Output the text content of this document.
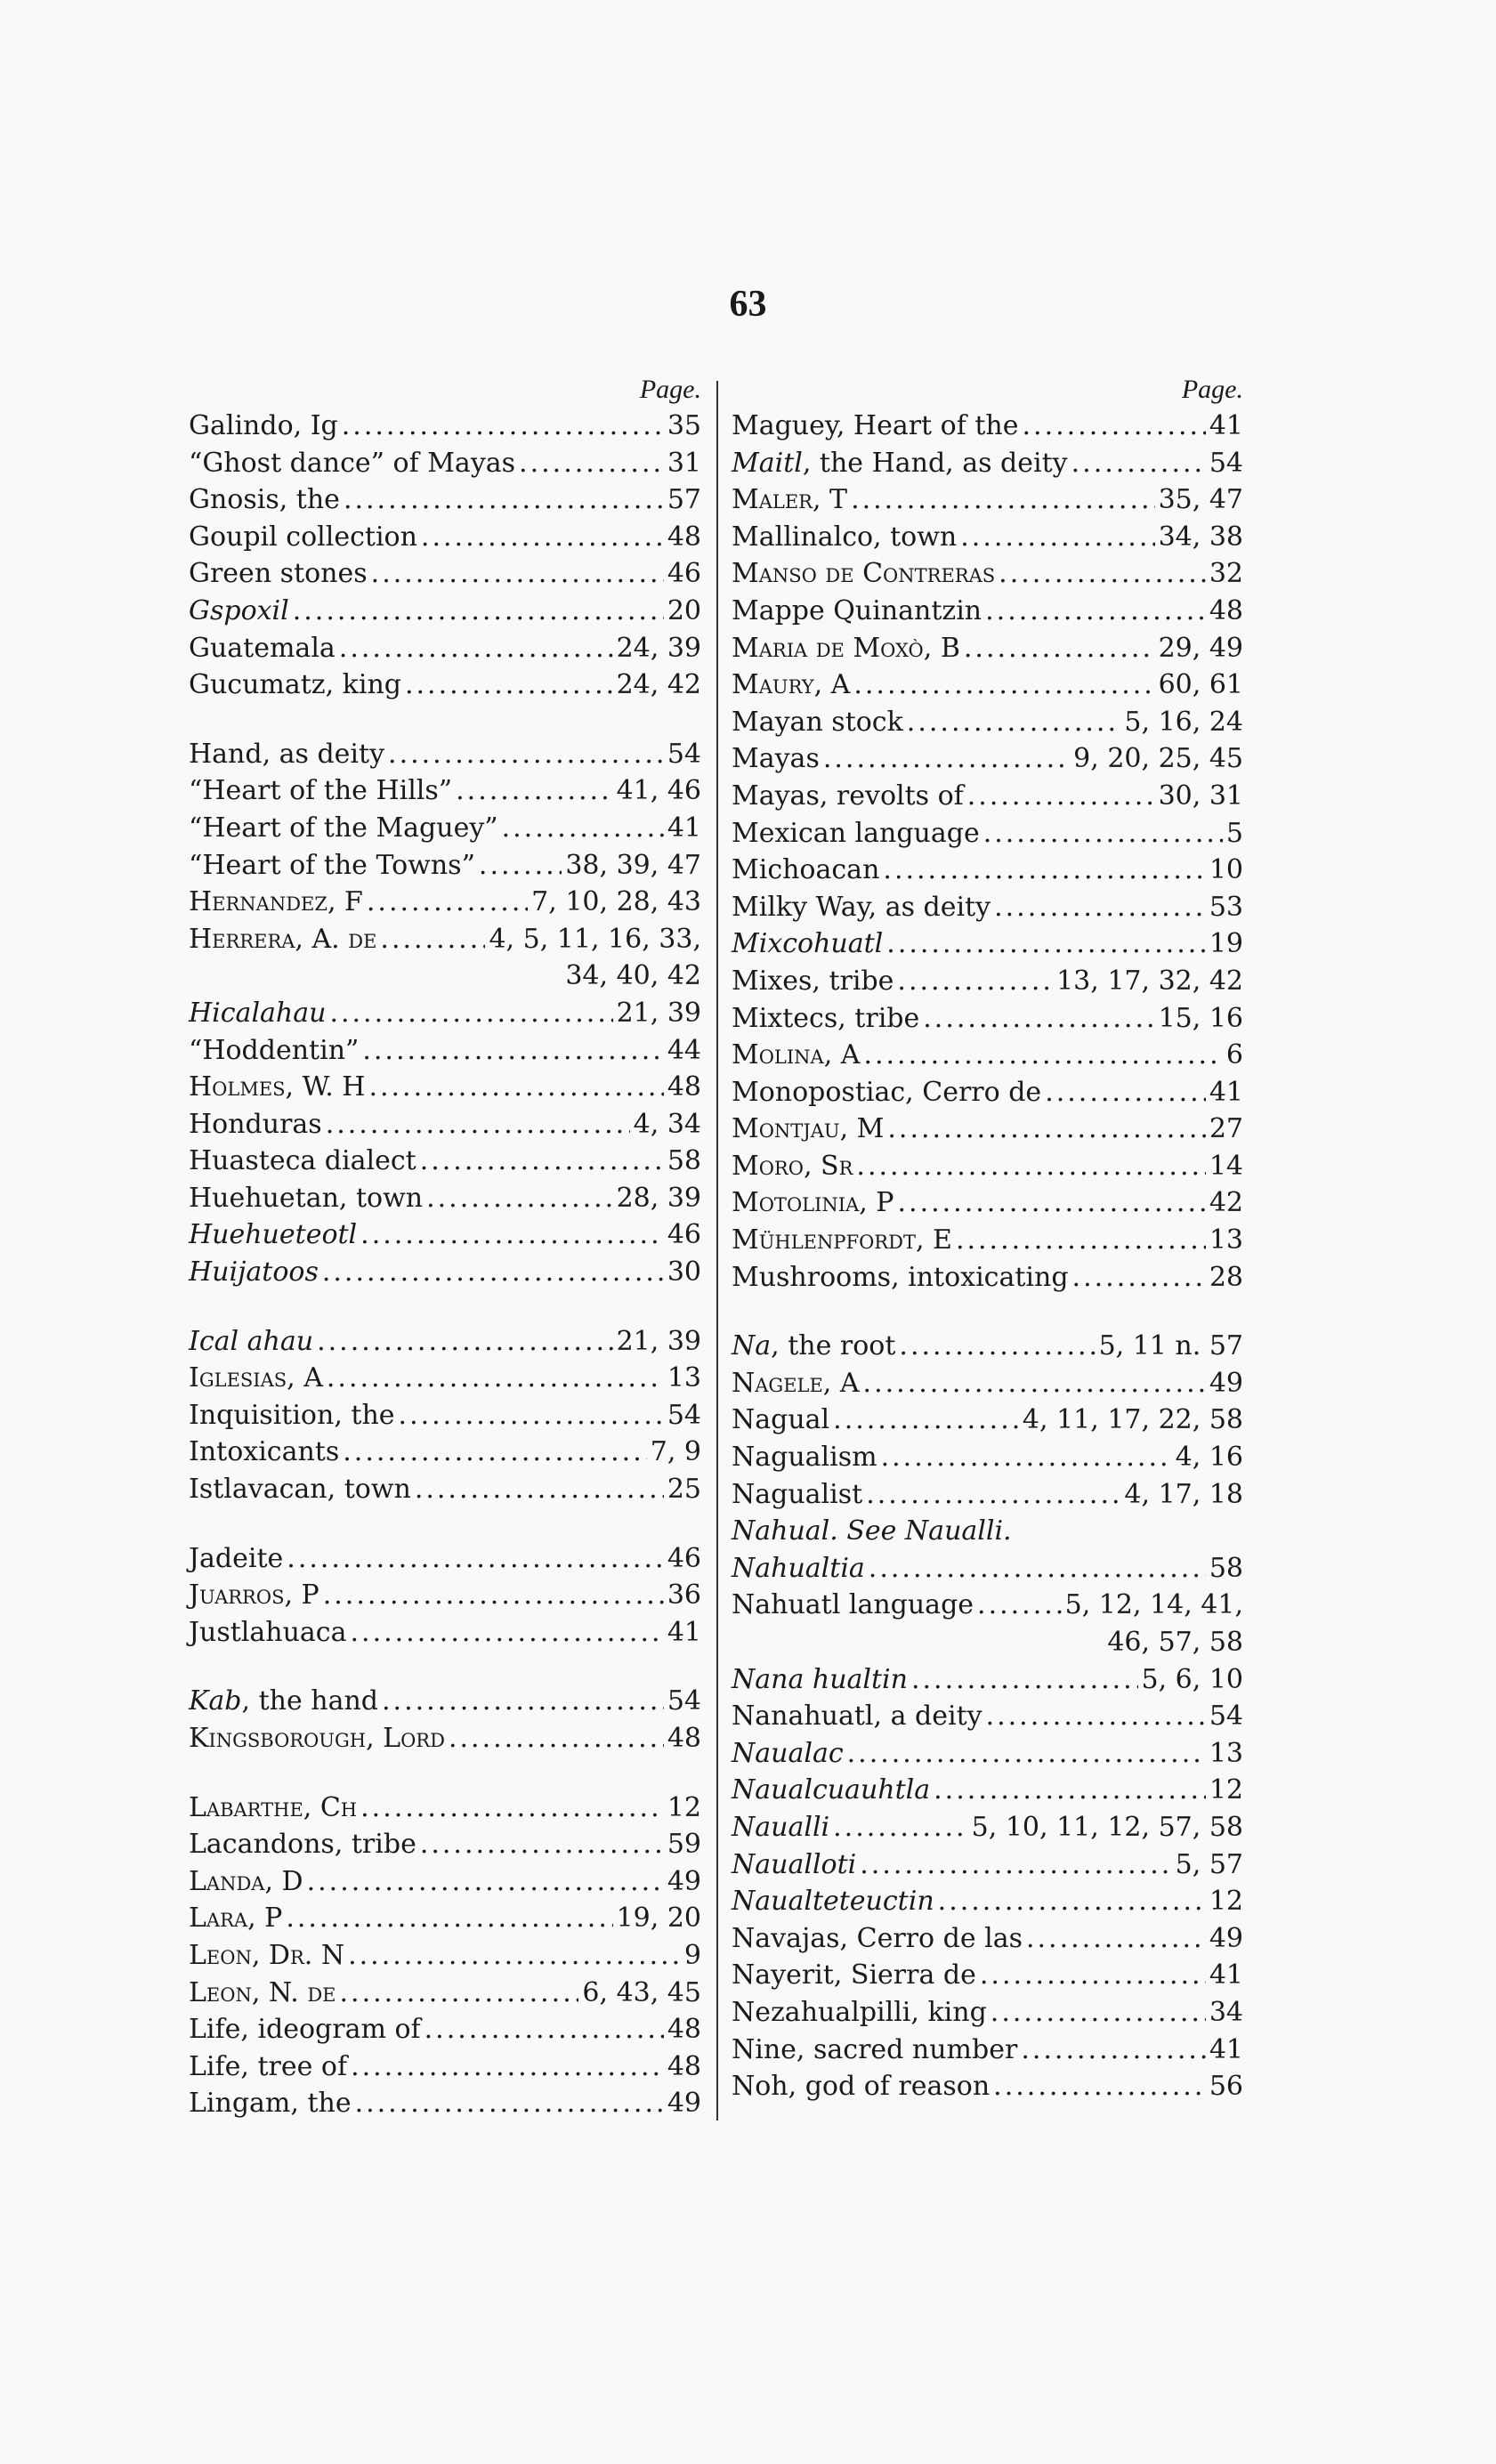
63
Page.
Galindo, Ig .....	35
“Ghost dance” of Mayas .....	31
Gnosis, the .....	57
Goupil collection .....	48
Green stones .....	46
Gspoxil .....	20
Guatemala .....	24, 39
Gucumatz, king .....	24, 42
Hand, as deity .....	54
“Heart of the Hills” .....	41, 46
“Heart of the Maguey” .....	41
“Heart of the Towns” .....	38, 39, 47
Hernandez, F .....	7, 10, 28, 43
Herrera, A. de .....	4, 5, 11, 16, 33,
34, 40, 42
Hicalahau .....	21, 39
“Hoddentin” .....	44
Holmes, W. H .....	48
Honduras .....	4, 34
Huasteca dialect .....	58
Huehuetan, town .....	28, 39
Huehueteotl .....	46
Huijatoos .....	30
Ical ahau .....	21, 39
Iglesias, A .....	13
Inquisition, the .....	54
Intoxicants .....	7, 9
Istlavacan, town .....	25
Jadeite .....	46
Juarros, P .....	36
Justlahuaca .....	41
Kab, the hand .....	54
Kingsborough, Lord .....	48
Labarthe, Ch .....	12
Lacandons, tribe .....	59
Landa, D .....	49
Lara, P .....	19, 20
Leon, Dr. N .....	9
Leon, N. de .....	6, 43, 45
Life, ideogram of .....	48
Life, tree of .....	48
Lingam, the .....	49
Page.
Maguey, Heart of the .....	41
Maitl, the Hand, as deity .....	54
Maler, T .....	35, 47
Mallinalco, town .....	34, 38
Manso de Contreras .....	32
Mappe Quinantzin .....	48
Maria de Moxò, B .....	29, 49
Maury, A .....	60, 61
Mayan stock .....	5, 16, 24
Mayas .....	9, 20, 25, 45
Mayas, revolts of .....	30, 31
Mexican language .....	5
Michoacan .....	10
Milky Way, as deity .....	53
Mixcohuatl .....	19
Mixes, tribe .....	13, 17, 32, 42
Mixtecs, tribe .....	15, 16
Molina, A .....	6
Monopostiac, Cerro de .....	41
Montjau, M .....	27
Moro, Sr .....	14
Motolinia, P .....	42
Mühlenpfordt, E .....	13
Mushrooms, intoxicating .....	28
Na, the root .....	5, 11 n. 57
Nagele, A .....	49
Nagual .....	4, 11, 17, 22, 58
Nagualism .....	4, 16
Nagualist .....	4, 17, 18
Nahual. See Naualli.
Nahualtia .....	58
Nahuatl language .....	5, 12, 14, 41,
46, 57, 58
Nana hualtin .....	5, 6, 10
Nanahuatl, a deity .....	54
Naualac .....	13
Naualcuauhtla .....	12
Naualli .....	5, 10, 11, 12, 57, 58
Naualloti .....	5, 57
Naualteteuctin .....	12
Navajas, Cerro de las .....	49
Nayerit, Sierra de .....	41
Nezahualpilli, king .....	34
Nine, sacred number .....	41
Noh, god of reason .....	56
